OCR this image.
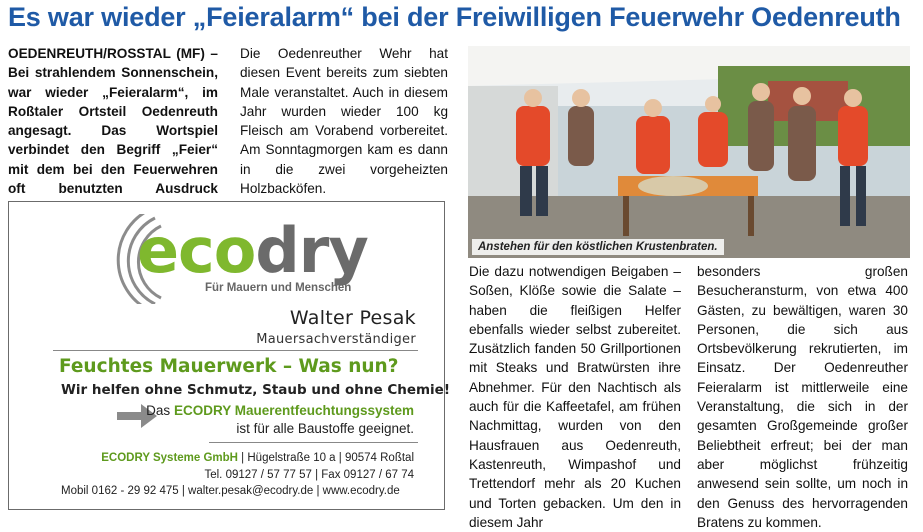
Es war wieder „Feieralarm“ bei der Freiwilligen Feuerwehr Oedenreuth

OEDENREUTH/ROSSTAL (MF) – Bei strahlendem Sonnenschein, war wieder „Feieralarm“, im Roßtaler Ortsteil Oedenreuth angesagt. Das Wortspiel verbindet den Begriff „Feier“ mit dem bei den Feuerwehren oft benutzten Ausdruck

Die Oedenreuther Wehr hat diesen Event bereits zum siebten Male veranstaltet. Auch in diesem Jahr wurden wieder 100 kg Fleisch am Vorabend vorbereitet. Am Sonntagmorgen kam es dann in die zwei vorgeheizten Holzbacköfen.

Anstehen für den köstlichen Krustenbraten.

Die dazu notwendigen Beigaben – Soßen, Klöße sowie die Salate – haben die fleißigen Helfer ebenfalls wieder selbst zubereitet. Zusätzlich fanden 50 Grillportionen mit Steaks und Bratwürsten ihre Abnehmer. Für den Nachtisch als auch für die Kaffeetafel, am frühen Nachmittag, wurden von den Hausfrauen aus Oedenreuth, Kastenreuth, Wimpashof und Trettendorf mehr als 20 Kuchen und Torten gebacken. Um den in diesem Jahr

besonders großen Besucheransturm, von etwa 400 Gästen, zu bewältigen, waren 30 Personen, die sich aus Ortsbevölkerung rekrutierten, im Einsatz. Der Oedenreuther Feieralarm ist mittlerweile eine Veranstaltung, die sich in der gesamten Großgemeinde großer Beliebtheit erfreut; bei der man aber möglichst frühzeitig anwesend sein sollte, um noch in den Genuss des hervorragenden Bratens zu kommen.

ecodry
Für Mauern und Menschen
Walter Pesak
Mauersachverständiger
Feuchtes Mauerwerk – Was nun?
Wir helfen ohne Schmutz, Staub und ohne Chemie!
Das ECODRY Mauerentfeuchtungssystem
ist für alle Baustoffe geeignet.
ECODRY Systeme GmbH | Hügelstraße 10 a | 90574 Roßtal
Tel. 09127 / 57 77 57 | Fax 09127 / 67 74
Mobil 0162 - 29 92 475 | walter.pesak@ecodry.de | www.ecodry.de
